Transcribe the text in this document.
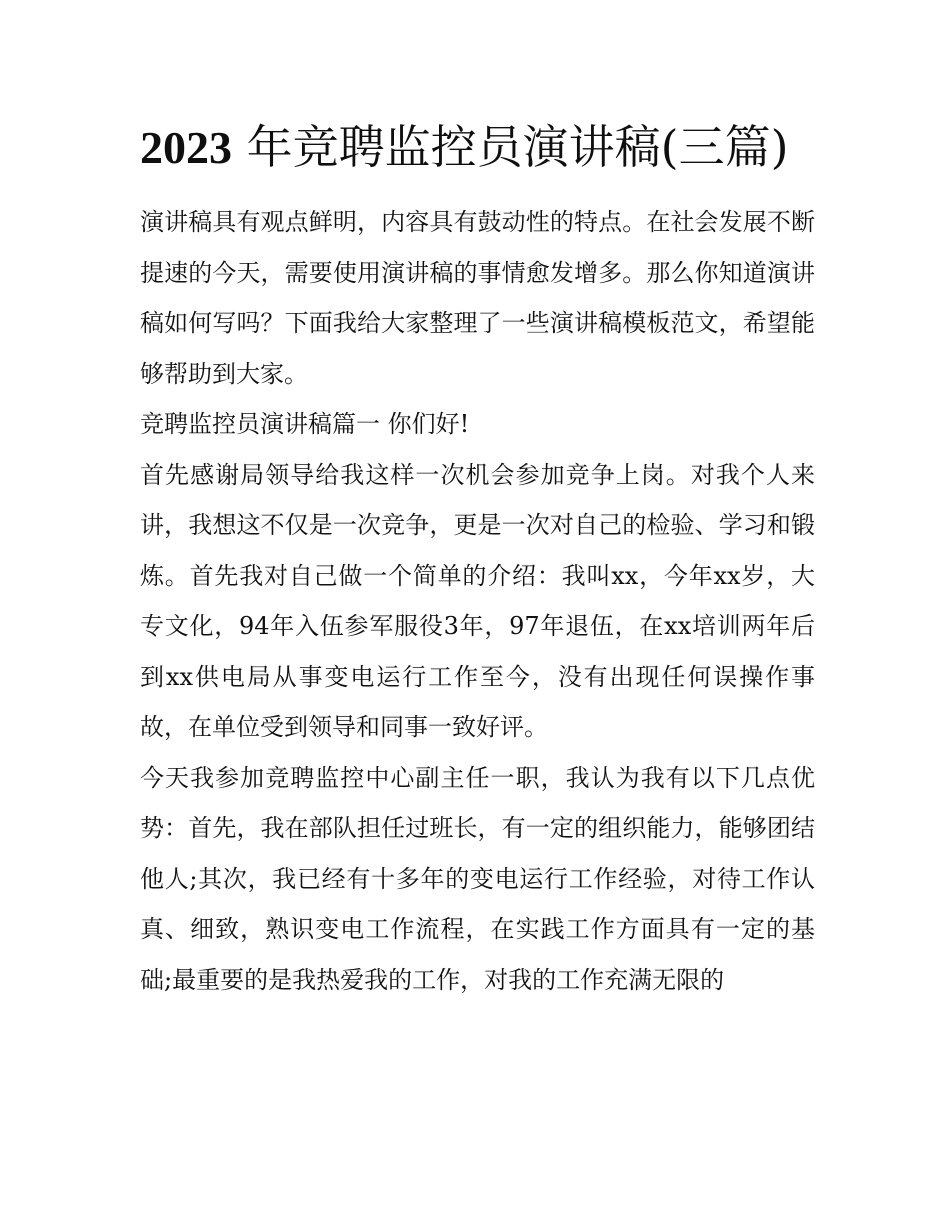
2023 年竞聘监控员演讲稿(三篇)

演讲稿具有观点鲜明，内容具有鼓动性的特点。在社会发展不断提速的今天，需要使用演讲稿的事情愈发增多。那么你知道演讲稿如何写吗？下面我给大家整理了一些演讲稿模板范文，希望能够帮助到大家。

竞聘监控员演讲稿篇一 你们好!

首先感谢局领导给我这样一次机会参加竞争上岗。对我个人来讲，我想这不仅是一次竞争，更是一次对自己的检验、学习和锻炼。首先我对自己做一个简单的介绍：我叫xx，今年xx岁，大专文化，94年入伍参军服役3年，97年退伍，在xx培训两年后到xx供电局从事变电运行工作至今，没有出现任何误操作事故，在单位受到领导和同事一致好评。

今天我参加竞聘监控中心副主任一职，我认为我有以下几点优势：首先，我在部队担任过班长，有一定的组织能力，能够团结他人;其次，我已经有十多年的变电运行工作经验，对待工作认真、细致，熟识变电工作流程，在实践工作方面具有一定的基础;最重要的是我热爱我的工作，对我的工作充满无限的
